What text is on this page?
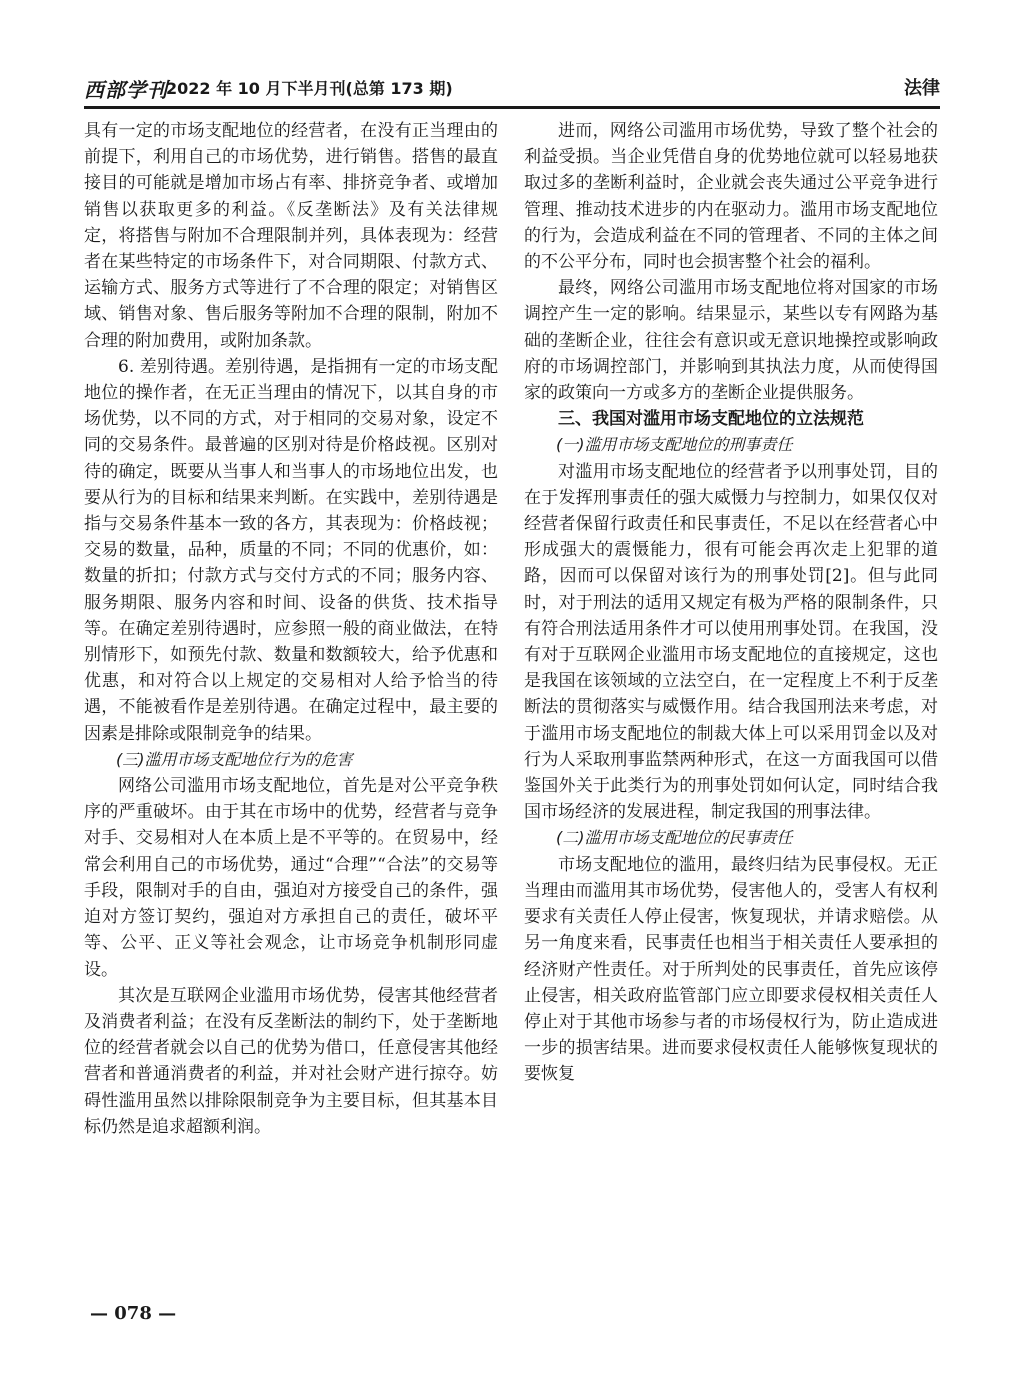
西部学刊
2022 年 10 月下半月刊(总第 173 期)	法律

具有一定的市场支配地位的经营者，在没有正当理由的前提下，利用自己的市场优势，进行销售。搭售的最直接目的可能就是增加市场占有率、排挤竞争者、或增加销售以获取更多的利益。《反垄断法》及有关法律规定，将搭售与附加不合理限制并列，具体表现为：经营者在某些特定的市场条件下，对合同期限、付款方式、运输方式、服务方式等进行了不合理的限定；对销售区域、销售对象、售后服务等附加不合理的限制，附加不合理的附加费用，或附加条款。

6. 差别待遇。差别待遇，是指拥有一定的市场支配地位的操作者，在无正当理由的情况下，以其自身的市场优势，以不同的方式，对于相同的交易对象，设定不同的交易条件。最普遍的区别对待是价格歧视。区别对待的确定，既要从当事人和当事人的市场地位出发，也要从行为的目标和结果来判断。在实践中，差别待遇是指与交易条件基本一致的各方，其表现为：价格歧视；交易的数量，品种，质量的不同；不同的优惠价，如：数量的折扣；付款方式与交付方式的不同；服务内容、服务期限、服务内容和时间、设备的供货、技术指导等。在确定差别待遇时，应参照一般的商业做法，在特别情形下，如预先付款、数量和数额较大，给予优惠和优惠，和对符合以上规定的交易相对人给予恰当的待遇，不能被看作是差别待遇。在确定过程中，最主要的因素是排除或限制竞争的结果。

(三)滥用市场支配地位行为的危害

网络公司滥用市场支配地位，首先是对公平竞争秩序的严重破坏。由于其在市场中的优势，经营者与竞争对手、交易相对人在本质上是不平等的。在贸易中，经常会利用自己的市场优势，通过“合理”“合法”的交易等手段，限制对手的自由，强迫对方接受自己的条件，强迫对方签订契约，强迫对方承担自己的责任，破坏平等、公平、正义等社会观念，让市场竞争机制形同虚设。

其次是互联网企业滥用市场优势，侵害其他经营者及消费者利益；在没有反垄断法的制约下，处于垄断地位的经营者就会以自己的优势为借口，任意侵害其他经营者和普通消费者的利益，并对社会财产进行掠夺。妨碍性滥用虽然以排除限制竞争为主要目标，但其基本目标仍然是追求超额利润。

进而，网络公司滥用市场优势，导致了整个社会的利益受损。当企业凭借自身的优势地位就可以轻易地获取过多的垄断利益时，企业就会丧失通过公平竞争进行管理、推动技术进步的内在驱动力。滥用市场支配地位的行为，会造成利益在不同的管理者、不同的主体之间的不公平分布，同时也会损害整个社会的福利。

最终，网络公司滥用市场支配地位将对国家的市场调控产生一定的影响。结果显示，某些以专有网路为基础的垄断企业，往往会有意识或无意识地操控或影响政府的市场调控部门，并影响到其执法力度，从而使得国家的政策向一方或多方的垄断企业提供服务。

三、我国对滥用市场支配地位的立法规范

(一)滥用市场支配地位的刑事责任

对滥用市场支配地位的经营者予以刑事处罚，目的在于发挥刑事责任的强大威慑力与控制力，如果仅仅对经营者保留行政责任和民事责任，不足以在经营者心中形成强大的震慑能力，很有可能会再次走上犯罪的道路，因而可以保留对该行为的刑事处罚[2]。但与此同时，对于刑法的适用又规定有极为严格的限制条件，只有符合刑法适用条件才可以使用刑事处罚。在我国，没有对于互联网企业滥用市场支配地位的直接规定，这也是我国在该领域的立法空白，在一定程度上不利于反垄断法的贯彻落实与威慑作用。结合我国刑法来考虑，对于滥用市场支配地位的制裁大体上可以采用罚金以及对行为人采取刑事监禁两种形式，在这一方面我国可以借鉴国外关于此类行为的刑事处罚如何认定，同时结合我国市场经济的发展进程，制定我国的刑事法律。

(二)滥用市场支配地位的民事责任

市场支配地位的滥用，最终归结为民事侵权。无正当理由而滥用其市场优势，侵害他人的，受害人有权利要求有关责任人停止侵害，恢复现状，并请求赔偿。从另一角度来看，民事责任也相当于相关责任人要承担的经济财产性责任。对于所判处的民事责任，首先应该停止侵害，相关政府监管部门应立即要求侵权相关责任人停止对于其他市场参与者的市场侵权行为，防止造成进一步的损害结果。进而要求侵权责任人能够恢复现状的要恢复

— 078 —
